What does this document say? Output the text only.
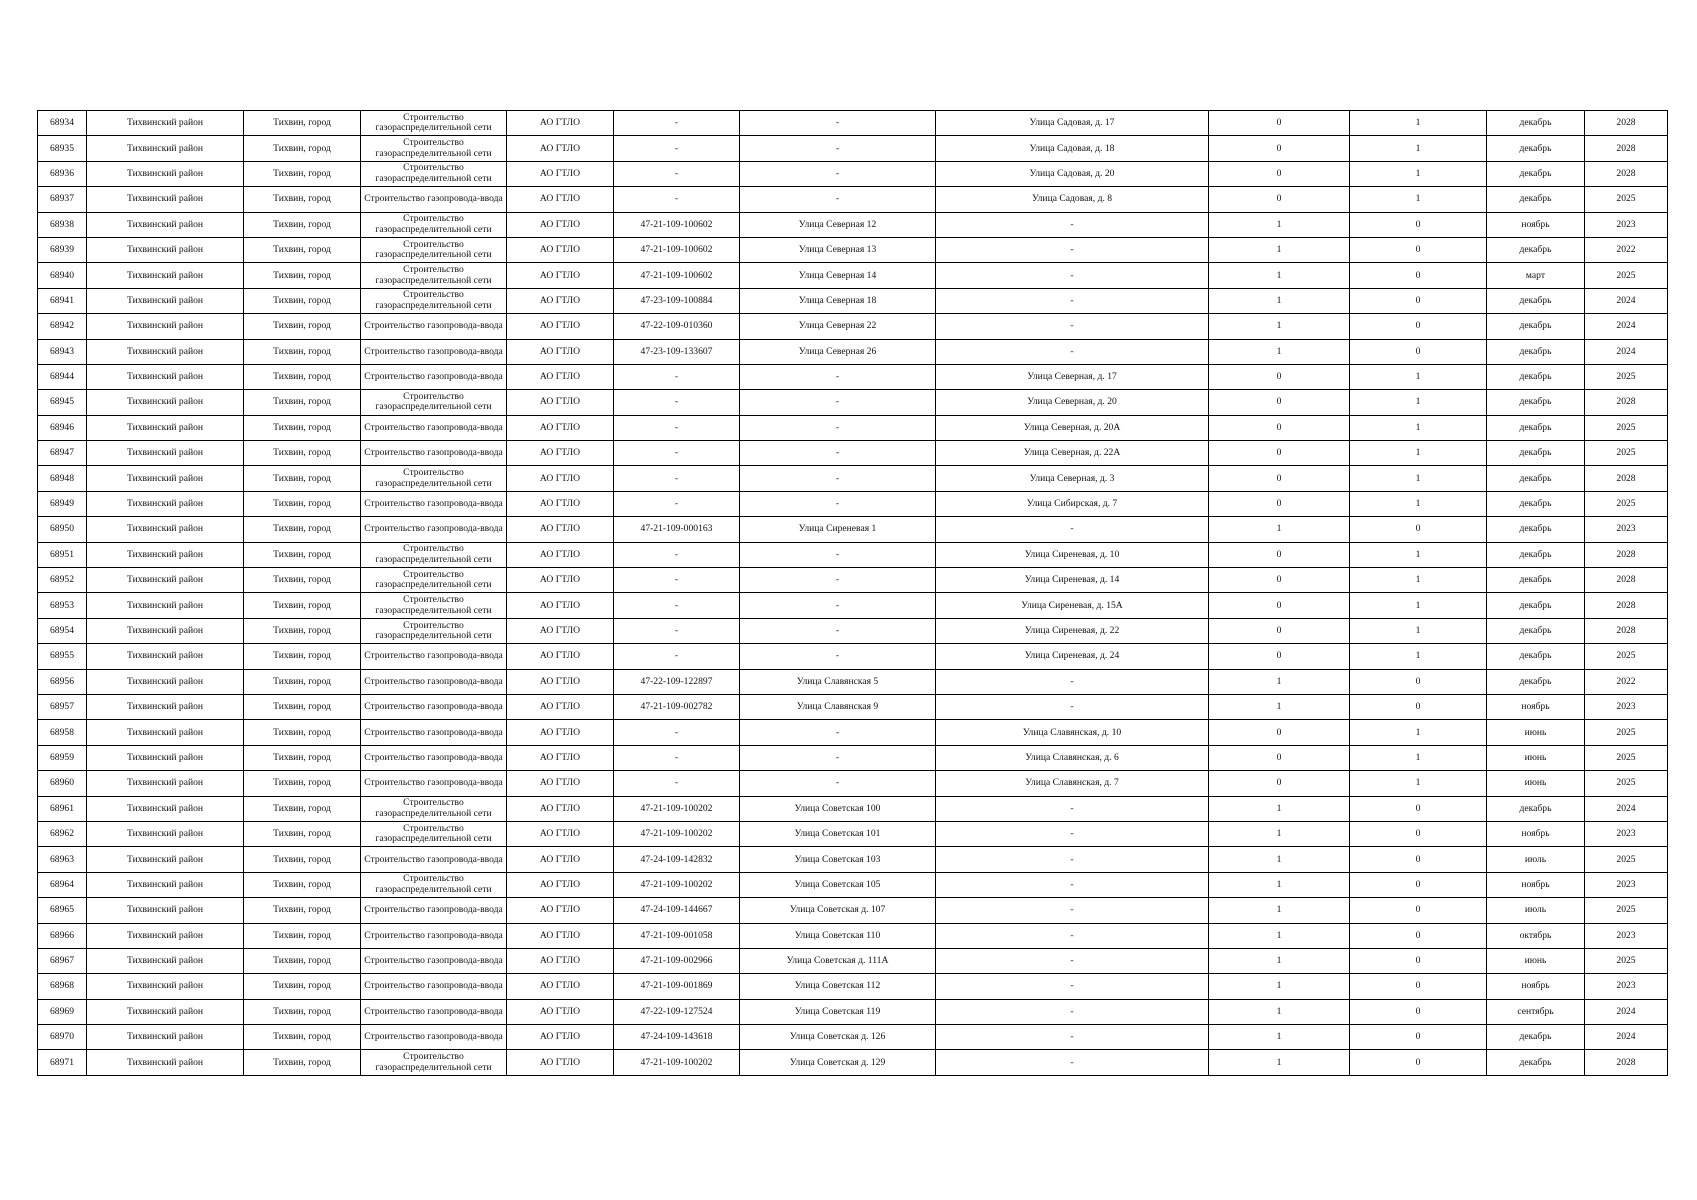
68934	Тихвинский район	Тихвин, город	Строительство газораспределительной сети	АО ГТЛО	-	-	Улица Садовая, д. 17	0	1	декабрь	2028
68935	Тихвинский район	Тихвин, город	Строительство газораспределительной сети	АО ГТЛО	-	-	Улица Садовая, д. 18	0	1	декабрь	2028
68936	Тихвинский район	Тихвин, город	Строительство газораспределительной сети	АО ГТЛО	-	-	Улица Садовая, д. 20	0	1	декабрь	2028
68937	Тихвинский район	Тихвин, город	Строительство газопровода-ввода	АО ГТЛО	-	-	Улица Садовая, д. 8	0	1	декабрь	2025
68938	Тихвинский район	Тихвин, город	Строительство газораспределительной сети	АО ГТЛО	47-21-109-100602	Улица Северная 12	-	1	0	ноябрь	2023
68939	Тихвинский район	Тихвин, город	Строительство газораспределительной сети	АО ГТЛО	47-21-109-100602	Улица Северная 13	-	1	0	декабрь	2022
68940	Тихвинский район	Тихвин, город	Строительство газораспределительной сети	АО ГТЛО	47-21-109-100602	Улица Северная 14	-	1	0	март	2025
68941	Тихвинский район	Тихвин, город	Строительство газораспределительной сети	АО ГТЛО	47-23-109-100884	Улица Северная 18	-	1	0	декабрь	2024
68942	Тихвинский район	Тихвин, город	Строительство газопровода-ввода	АО ГТЛО	47-22-109-010360	Улица Северная 22	-	1	0	декабрь	2024
68943	Тихвинский район	Тихвин, город	Строительство газопровода-ввода	АО ГТЛО	47-23-109-133607	Улица Северная 26	-	1	0	декабрь	2024
68944	Тихвинский район	Тихвин, город	Строительство газопровода-ввода	АО ГТЛО	-	-	Улица Северная, д. 17	0	1	декабрь	2025
68945	Тихвинский район	Тихвин, город	Строительство газораспределительной сети	АО ГТЛО	-	-	Улица Северная, д. 20	0	1	декабрь	2028
68946	Тихвинский район	Тихвин, город	Строительство газопровода-ввода	АО ГТЛО	-	-	Улица Северная, д. 20А	0	1	декабрь	2025
68947	Тихвинский район	Тихвин, город	Строительство газопровода-ввода	АО ГТЛО	-	-	Улица Северная, д. 22А	0	1	декабрь	2025
68948	Тихвинский район	Тихвин, город	Строительство газораспределительной сети	АО ГТЛО	-	-	Улица Северная, д. 3	0	1	декабрь	2028
68949	Тихвинский район	Тихвин, город	Строительство газопровода-ввода	АО ГТЛО	-	-	Улица Сибирская, д. 7	0	1	декабрь	2025
68950	Тихвинский район	Тихвин, город	Строительство газопровода-ввода	АО ГТЛО	47-21-109-000163	Улица Сиреневая 1	-	1	0	декабрь	2023
68951	Тихвинский район	Тихвин, город	Строительство газораспределительной сети	АО ГТЛО	-	-	Улица Сиреневая, д. 10	0	1	декабрь	2028
68952	Тихвинский район	Тихвин, город	Строительство газораспределительной сети	АО ГТЛО	-	-	Улица Сиреневая, д. 14	0	1	декабрь	2028
68953	Тихвинский район	Тихвин, город	Строительство газораспределительной сети	АО ГТЛО	-	-	Улица Сиреневая, д. 15А	0	1	декабрь	2028
68954	Тихвинский район	Тихвин, город	Строительство газораспределительной сети	АО ГТЛО	-	-	Улица Сиреневая, д. 22	0	1	декабрь	2028
68955	Тихвинский район	Тихвин, город	Строительство газопровода-ввода	АО ГТЛО	-	-	Улица Сиреневая, д. 24	0	1	декабрь	2025
68956	Тихвинский район	Тихвин, город	Строительство газопровода-ввода	АО ГТЛО	47-22-109-122897	Улица Славянская 5	-	1	0	декабрь	2022
68957	Тихвинский район	Тихвин, город	Строительство газопровода-ввода	АО ГТЛО	47-21-109-002782	Улица Славянская 9	-	1	0	ноябрь	2023
68958	Тихвинский район	Тихвин, город	Строительство газопровода-ввода	АО ГТЛО	-	-	Улица Славянская, д. 10	0	1	июнь	2025
68959	Тихвинский район	Тихвин, город	Строительство газопровода-ввода	АО ГТЛО	-	-	Улица Славянская, д. 6	0	1	июнь	2025
68960	Тихвинский район	Тихвин, город	Строительство газопровода-ввода	АО ГТЛО	-	-	Улица Славянская, д. 7	0	1	июнь	2025
68961	Тихвинский район	Тихвин, город	Строительство газораспределительной сети	АО ГТЛО	47-21-109-100202	Улица Советская 100	-	1	0	декабрь	2024
68962	Тихвинский район	Тихвин, город	Строительство газораспределительной сети	АО ГТЛО	47-21-109-100202	Улица Советская 101	-	1	0	ноябрь	2023
68963	Тихвинский район	Тихвин, город	Строительство газопровода-ввода	АО ГТЛО	47-24-109-142832	Улица Советская 103	-	1	0	июль	2025
68964	Тихвинский район	Тихвин, город	Строительство газораспределительной сети	АО ГТЛО	47-21-109-100202	Улица Советская 105	-	1	0	ноябрь	2023
68965	Тихвинский район	Тихвин, город	Строительство газопровода-ввода	АО ГТЛО	47-24-109-144667	Улица Советская д. 107	-	1	0	июль	2025
68966	Тихвинский район	Тихвин, город	Строительство газопровода-ввода	АО ГТЛО	47-21-109-001058	Улица Советская 110	-	1	0	октябрь	2023
68967	Тихвинский район	Тихвин, город	Строительство газопровода-ввода	АО ГТЛО	47-21-109-002966	Улица Советская д. 111А	-	1	0	июнь	2025
68968	Тихвинский район	Тихвин, город	Строительство газопровода-ввода	АО ГТЛО	47-21-109-001869	Улица Советская 112	-	1	0	ноябрь	2023
68969	Тихвинский район	Тихвин, город	Строительство газопровода-ввода	АО ГТЛО	47-22-109-127524	Улица Советская 119	-	1	0	сентябрь	2024
68970	Тихвинский район	Тихвин, город	Строительство газопровода-ввода	АО ГТЛО	47-24-109-143618	Улица Советская д. 126	-	1	0	декабрь	2024
68971	Тихвинский район	Тихвин, город	Строительство газораспределительной сети	АО ГТЛО	47-21-109-100202	Улица Советская д. 129	-	1	0	декабрь	2028
